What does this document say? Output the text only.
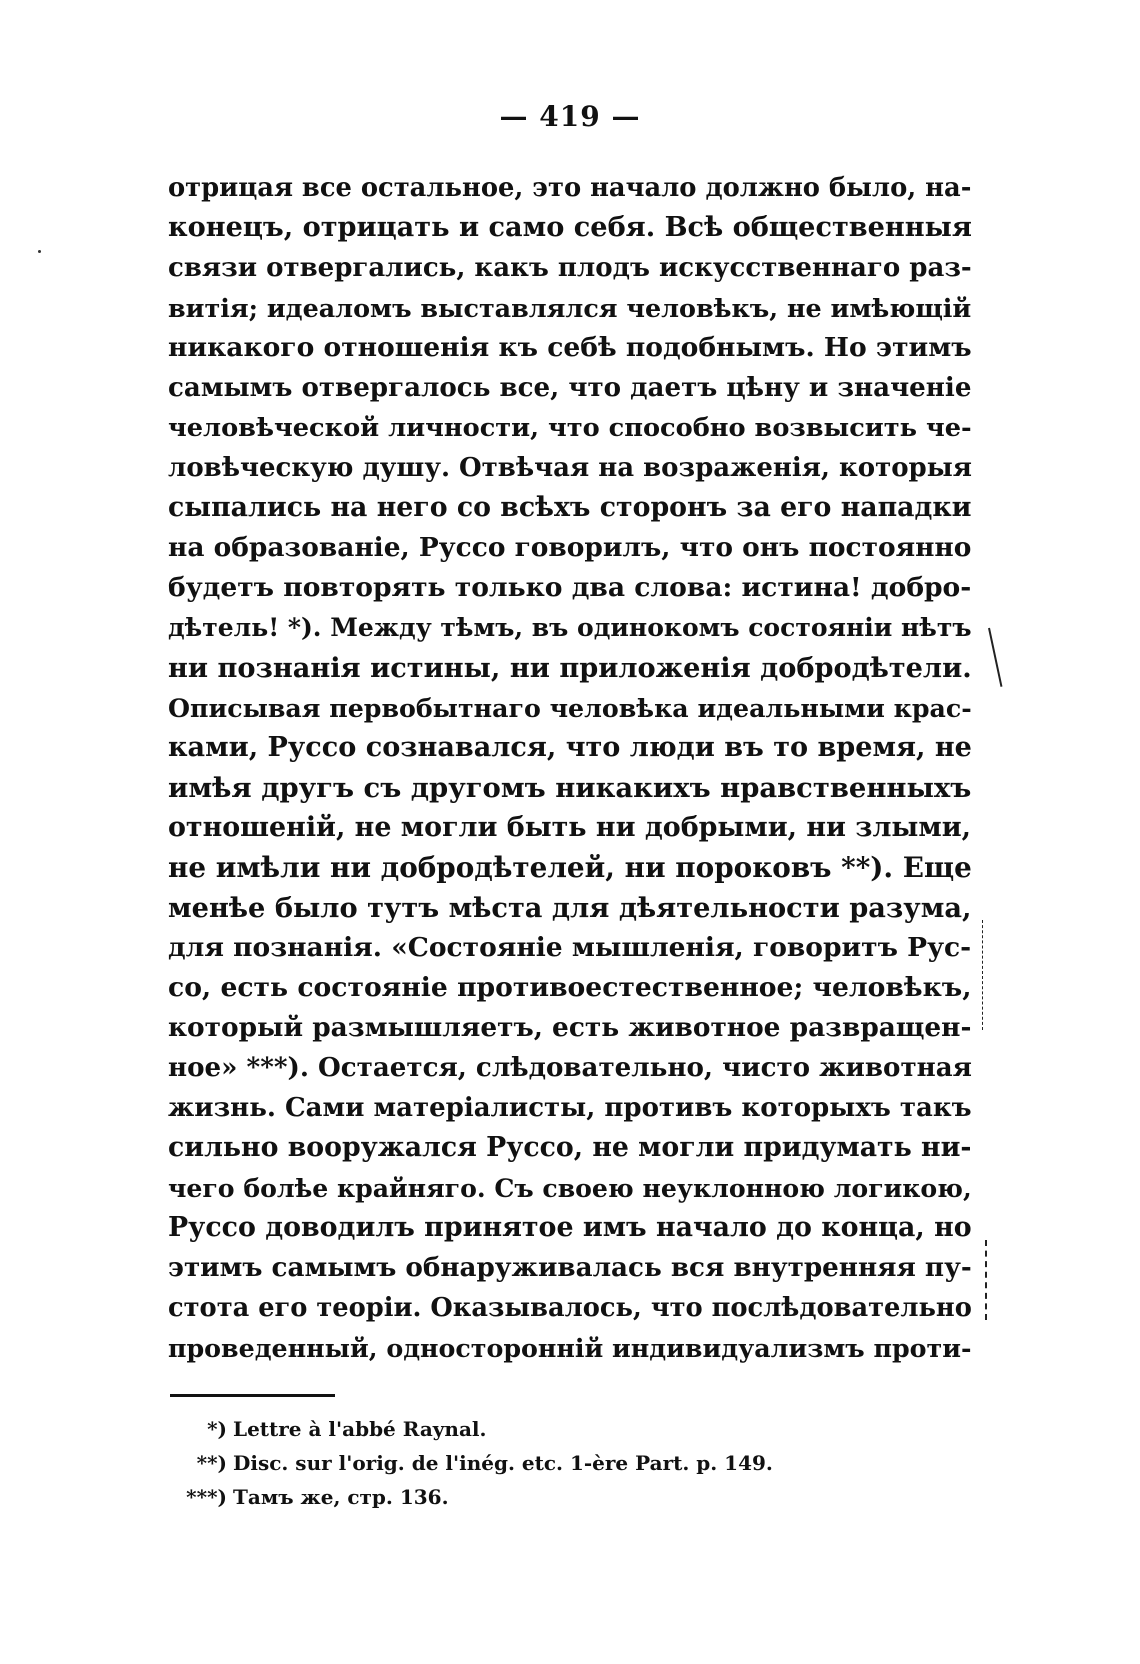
— 419 —
отрицая все остальное, это начало должно было, на-
конецъ, отрицать и само себя. Всѣ общественныя
связи отвергались, какъ плодъ искусственнаго раз-
витія; идеаломъ выставлялся человѣкъ, не имѣющій
никакого отношенія къ себѣ подобнымъ. Но этимъ
самымъ отвергалось все, что даетъ цѣну и значеніе
человѣческой личности, что способно возвысить че-
ловѣческую душу. Отвѣчая на возраженія, которыя
сыпались на него со всѣхъ сторонъ за его нападки
на образованіе, Руссо говорилъ, что онъ постоянно
будетъ повторять только два слова: истина! добро-
дѣтель! *). Между тѣмъ, въ одинокомъ состояніи нѣтъ
ни познанія истины, ни приложенія добродѣтели.
Описывая первобытнаго человѣка идеальными крас-
ками, Руссо сознавался, что люди въ то время, не
имѣя другъ съ другомъ никакихъ нравственныхъ
отношеній, не могли быть ни добрыми, ни злыми,
не имѣли ни добродѣтелей, ни пороковъ **). Еще
менѣе было тутъ мѣста для дѣятельности разума,
для познанія. «Состояніе мышленія, говоритъ Рус-
со, есть состояніе противоестественное; человѣкъ,
который размышляетъ, есть животное развращен-
ное» ***). Остается, слѣдовательно, чисто животная
жизнь. Сами матеріалисты, противъ которыхъ такъ
сильно вооружался Руссо, не могли придумать ни-
чего болѣе крайняго. Съ своею неуклонною логикою,
Руссо доводилъ принятое имъ начало до конца, но
этимъ самымъ обнаруживалась вся внутренняя пу-
стота его теоріи. Оказывалось, что послѣдовательно
проведенный, односторонній индивидуализмъ проти-
*) Lettre à l'abbé Raynal.
**) Disc. sur l'orig. de l'inég. etc. 1-ère Part. p. 149.
***) Тамъ же, стр. 136.
